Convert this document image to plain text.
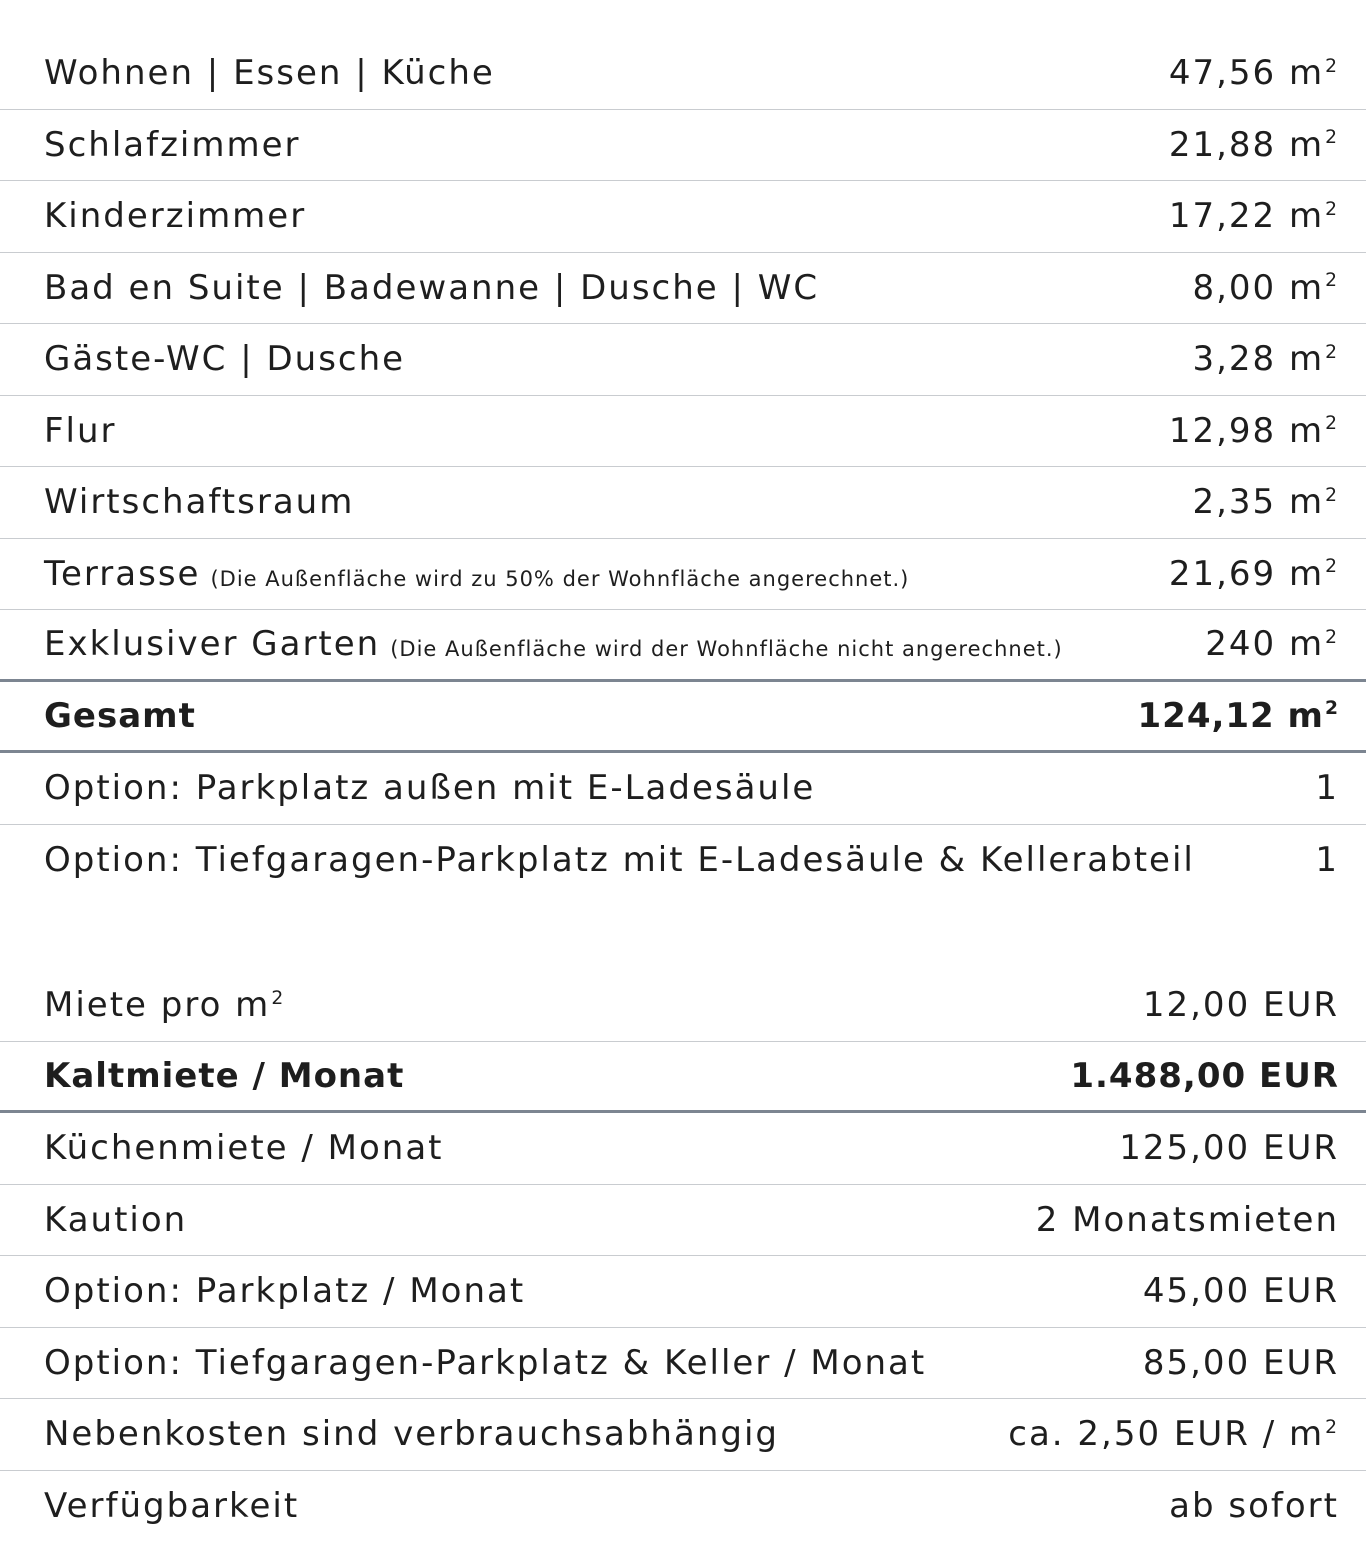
Wohnen | Essen | Küche	47,56 $m^2$
Schlafzimmer	21,88 $m^2$
Kinderzimmer	17,22 $m^2$
Bad en Suite | Badewanne | Dusche | WC	8,00 $m^2$
Gäste-WC | Dusche	3,28 $m^2$
Flur	12,98 $m^2$
Wirtschaftsraum	2,35 $m^2$
Terrasse (Die Außenfläche wird zu 50% der Wohnfläche angerechnet.)	21,69 $m^2$
Exklusiver Garten (Die Außenfläche wird der Wohnfläche nicht angerechnet.)	240 $m^2$
Gesamt	124,12 $m^2$
Option: Parkplatz außen mit E-Ladesäule	1
Option: Tiefgaragen-Parkplatz mit E-Ladesäule & Kellerabteil	1
Miete pro $m^2$	12,00 EUR
Kaltmiete / Monat	1.488,00 EUR
Küchenmiete / Monat	125,00 EUR
Kaution	2 Monatsmieten
Option: Parkplatz / Monat	45,00 EUR
Option: Tiefgaragen-Parkplatz & Keller / Monat	85,00 EUR
Nebenkosten sind verbrauchsabhängig	ca. 2,50 EUR / $m^2$
Verfügbarkeit	ab sofort
